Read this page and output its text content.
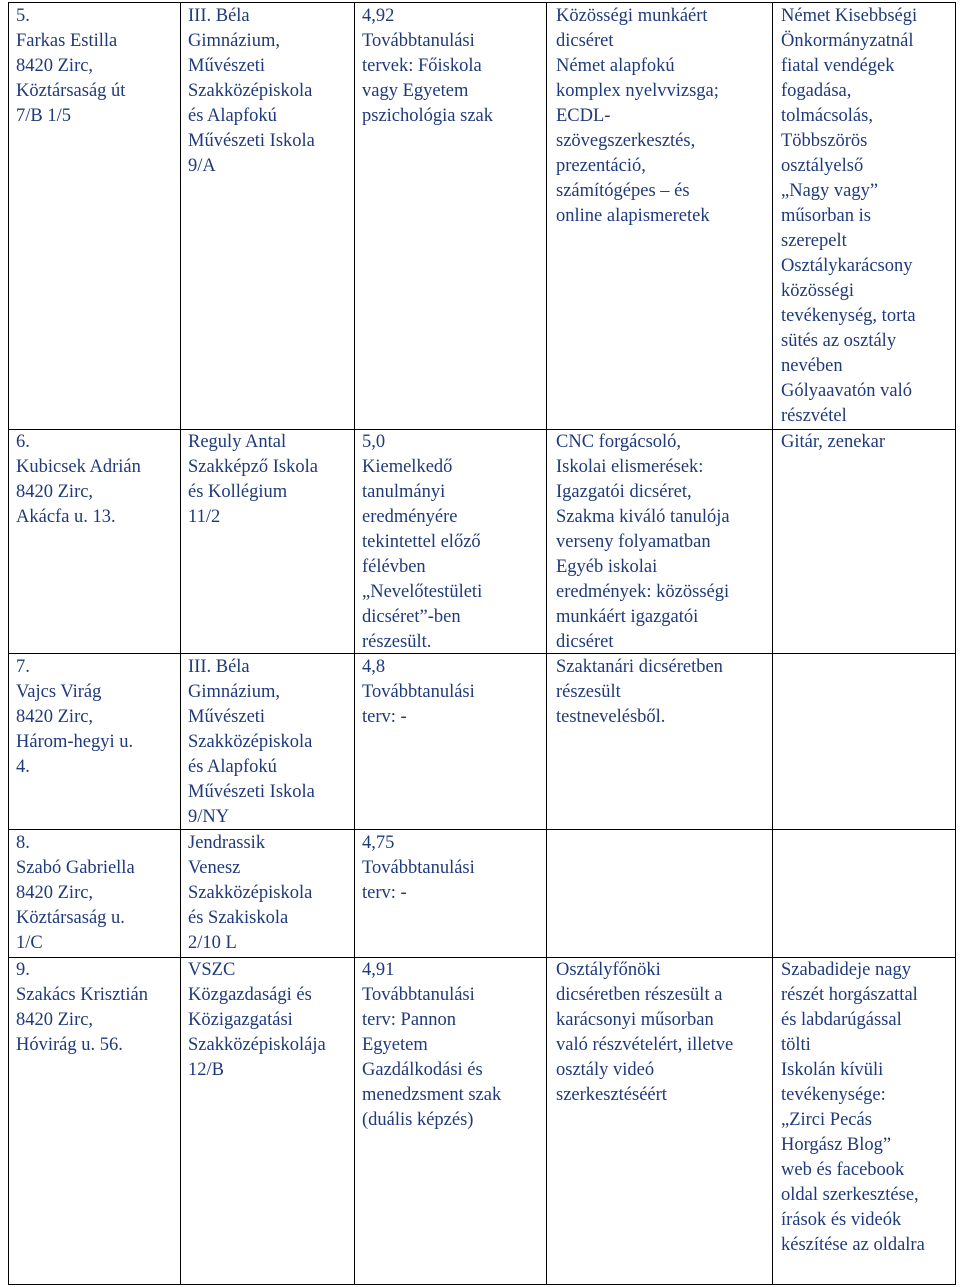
5.
Farkas Estilla
8420 Zirc,
Köztársaság út
7/B 1/5
III. Béla
Gimnázium,
Művészeti
Szakközépiskola
és Alapfokú
Művészeti Iskola
9/A
4,92
Továbbtanulási
tervek: Főiskola
vagy Egyetem
pszichológia szak
Közösségi munkáért
dicséret
Német alapfokú
komplex nyelvvizsga;
ECDL-
szövegszerkesztés,
prezentáció,
számítógépes – és
online alapismeretek
Német Kisebbségi
Önkormányzatnál
fiatal vendégek
fogadása,
tolmácsolás,
Többszörös
osztályelső
„Nagy vagy”
műsorban is
szerepelt
Osztálykarácsony
közösségi
tevékenység, torta
sütés az osztály
nevében
Gólyaavatón való
részvétel
6.
Kubicsek Adrián
8420 Zirc,
Akácfa u. 13.
Reguly Antal
Szakképző Iskola
és Kollégium
11/2
5,0
Kiemelkedő
tanulmányi
eredményére
tekintettel előző
félévben
„Nevelőtestületi
dicséret”-ben
részesült.
CNC forgácsoló,
Iskolai elismerések:
Igazgatói dicséret,
Szakma kiváló tanulója
verseny folyamatban
Egyéb iskolai
eredmények: közösségi
munkáért igazgatói
dicséret
Gitár, zenekar
7.
Vajcs Virág
8420 Zirc,
Három-hegyi u.
4.
III. Béla
Gimnázium,
Művészeti
Szakközépiskola
és Alapfokú
Művészeti Iskola
9/NY
4,8
Továbbtanulási
terv: -
Szaktanári dicséretben
részesült
testnevelésből.
8.
Szabó Gabriella
8420 Zirc,
Köztársaság u.
1/C
Jendrassik
Venesz
Szakközépiskola
és Szakiskola
2/10 L
4,75
Továbbtanulási
terv: -
9.
Szakács Krisztián
8420 Zirc,
Hóvirág u. 56.
VSZC
Közgazdasági és
Közigazgatási
Szakközépiskolája
12/B
4,91
Továbbtanulási
terv: Pannon
Egyetem
Gazdálkodási és
menedzsment szak
(duális képzés)
Osztályfőnöki
dicséretben részesült a
karácsonyi műsorban
való részvételért, illetve
osztály videó
szerkesztéséért
Szabadideje nagy
részét horgászattal
és labdarúgással
tölti
Iskolán kívüli
tevékenysége:
„Zirci Pecás
Horgász Blog”
web és facebook
oldal szerkesztése,
írások és videók
készítése az oldalra
